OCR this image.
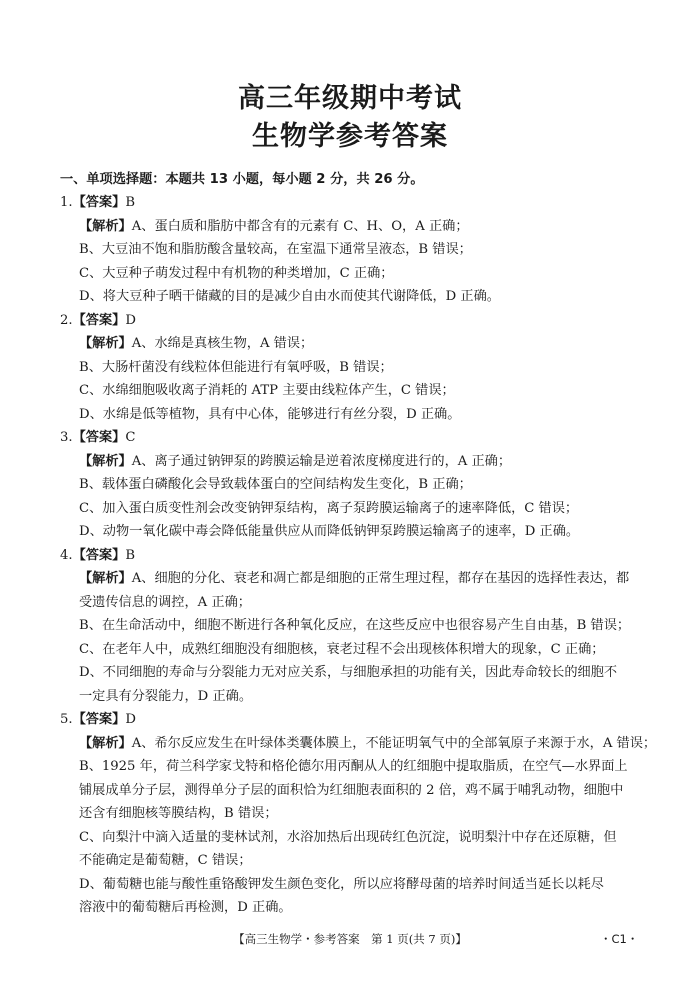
高三年级期中考试
生物学参考答案
一、单项选择题：本题共 13 小题，每小题 2 分，共 26 分。
1.【答案】B
【解析】A、蛋白质和脂肪中都含有的元素有 C、H、O，A 正确；
B、大豆油不饱和脂肪酸含量较高，在室温下通常呈液态，B 错误；
C、大豆种子萌发过程中有机物的种类增加，C 正确；
D、将大豆种子晒干储藏的目的是减少自由水而使其代谢降低，D 正确。
2.【答案】D
【解析】A、水绵是真核生物，A 错误；
B、大肠杆菌没有线粒体但能进行有氧呼吸，B 错误；
C、水绵细胞吸收离子消耗的 ATP 主要由线粒体产生，C 错误；
D、水绵是低等植物，具有中心体，能够进行有丝分裂，D 正确。
3.【答案】C
【解析】A、离子通过钠钾泵的跨膜运输是逆着浓度梯度进行的，A 正确；
B、载体蛋白磷酸化会导致载体蛋白的空间结构发生变化，B 正确；
C、加入蛋白质变性剂会改变钠钾泵结构，离子泵跨膜运输离子的速率降低，C 错误；
D、动物一氧化碳中毒会降低能量供应从而降低钠钾泵跨膜运输离子的速率，D 正确。
4.【答案】B
【解析】A、细胞的分化、衰老和凋亡都是细胞的正常生理过程，都存在基因的选择性表达，都
受遗传信息的调控，A 正确；
B、在生命活动中，细胞不断进行各种氧化反应，在这些反应中也很容易产生自由基，B 错误；
C、在老年人中，成熟红细胞没有细胞核，衰老过程不会出现核体积增大的现象，C 正确；
D、不同细胞的寿命与分裂能力无对应关系，与细胞承担的功能有关，因此寿命较长的细胞不
一定具有分裂能力，D 正确。
5.【答案】D
【解析】A、希尔反应发生在叶绿体类囊体膜上，不能证明氧气中的全部氧原子来源于水，A 错误；
B、1925 年，荷兰科学家戈特和格伦德尔用丙酮从人的红细胞中提取脂质，在空气—水界面上
铺展成单分子层，测得单分子层的面积恰为红细胞表面积的 2 倍，鸡不属于哺乳动物，细胞中
还含有细胞核等膜结构，B 错误；
C、向梨汁中滴入适量的斐林试剂，水浴加热后出现砖红色沉淀，说明梨汁中存在还原糖，但
不能确定是葡萄糖，C 错误；
D、葡萄糖也能与酸性重铬酸钾发生颜色变化，所以应将酵母菌的培养时间适当延长以耗尽
溶液中的葡萄糖后再检测，D 正确。
【高三生物学・参考答案　第 1 页(共 7 页)】	・C1・
